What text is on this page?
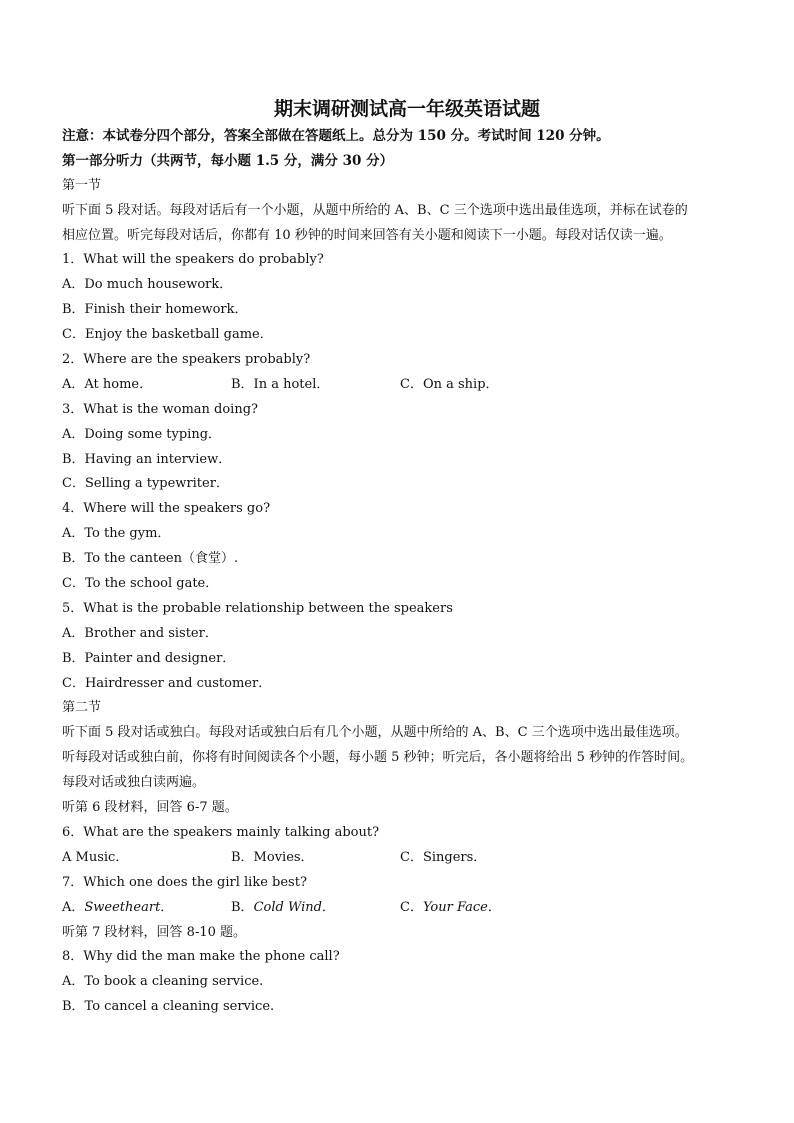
期末调研测试高一年级英语试题
注意：本试卷分四个部分，答案全部做在答题纸上。总分为 150 分。考试时间 120 分钟。
第一部分听力（共两节，每小题 1.5 分，满分 30 分）
第一节
听下面 5 段对话。每段对话后有一个小题，从题中所给的 A、B、C 三个选项中选出最佳选项，并标在试卷的
相应位置。听完每段对话后，你都有 10 秒钟的时间来回答有关小题和阅读下一小题。每段对话仅读一遍。
1．What will the speakers do probably?
A．Do much housework．
B．Finish their homework．
C．Enjoy the basketball game．
2．Where are the speakers probably?
A．At home．	B．In a hotel．	C．On a ship．
3．What is the woman doing?
A．Doing some typing．
B．Having an interview．
C．Selling a typewriter．
4．Where will the speakers go?
A．To the gym．
B．To the canteen（食堂）.
C．To the school gate．
5．What is the probable relationship between the speakers
A．Brother and sister．
B．Painter and designer．
C．Hairdresser and customer．
第二节
听下面 5 段对话或独白。每段对话或独白后有几个小题，从题中所给的 A、B、C 三个选项中选出最佳选项。
听每段对话或独白前，你将有时间阅读各个小题，每小题 5 秒钟；听完后，各小题将给出 5 秒钟的作答时间。
每段对话或独白读两遍。
听第 6 段材料，回答 6-7 题。
6．What are the speakers mainly talking about?
A Music．	B．Movies．	C．Singers．
7．Which one does the girl like best?
A．Sweetheart．	B．Cold Wind．	C．Your Face．
听第 7 段材料，回答 8-10 题。
8．Why did the man make the phone call?
A．To book a cleaning service.
B．To cancel a cleaning service.
